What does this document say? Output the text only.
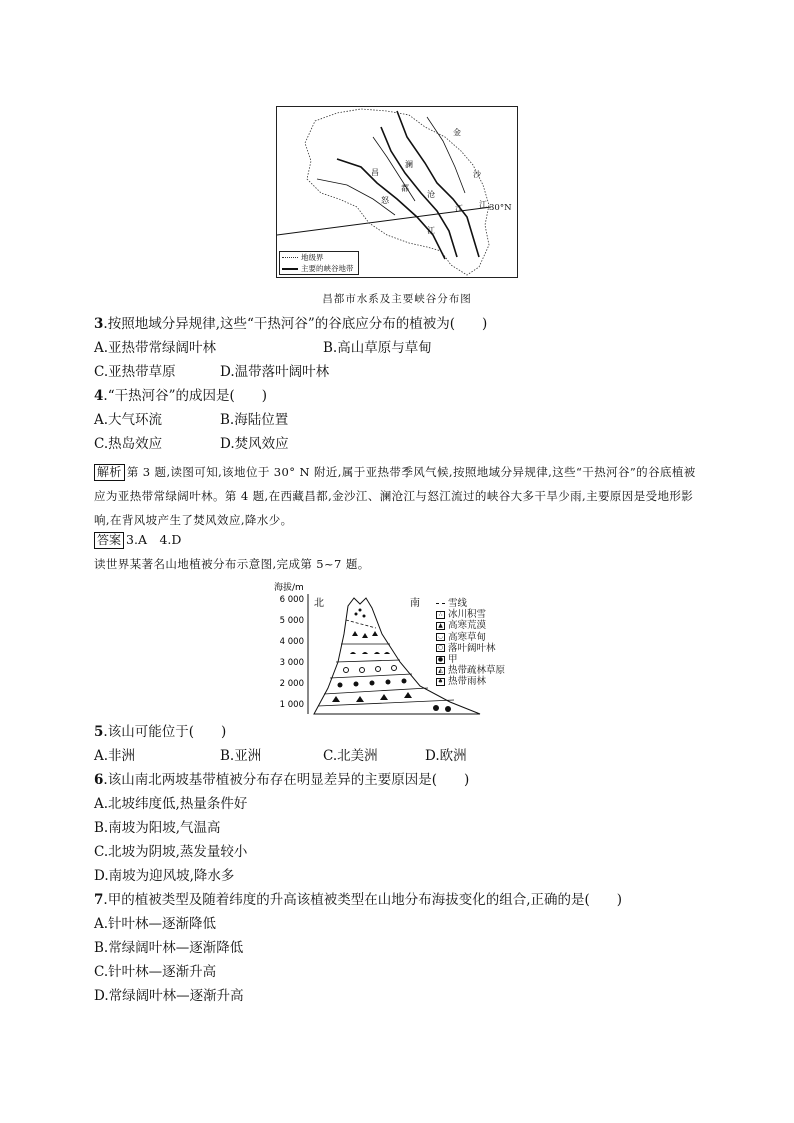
金
沙
江
澜
沧
江
怒
江
昌
都
30°N
地级界
主要的峡谷地带
昌都市水系及主要峡谷分布图
3.按照地域分异规律,这些“干热河谷”的谷底应分布的植被为(　　)
A.亚热带常绿阔叶林	B.高山草原与草甸
C.亚热带草原	D.温带落叶阔叶林
4.“干热河谷”的成因是(　　)
A.大气环流	B.海陆位置
C.热岛效应	D.焚风效应
解析 第 3 题,读图可知,该地位于 30° N 附近,属于亚热带季风气候,按照地域分异规律,这些“干热河谷”的谷底植被应为亚热带常绿阔叶林。第 4 题,在西藏昌都,金沙江、澜沧江与怒江流过的峡谷大多干旱少雨,主要原因是受地形影响,在背风坡产生了焚风效应,降水少。
答案 3.A　4.D
读世界某著名山地植被分布示意图,完成第 5~7 题。
海拔/m
6 000
5 000
4 000
3 000
2 000
1 000
北	南	雪线
∴ 冰川积雪
▲ 高寒荒漠
◡ 高寒草甸
○ 落叶阔叶林
● 甲
◭ 热带疏林草原
♠ 热带雨林
5.该山可能位于(　　)
A.非洲	B.亚洲	C.北美洲	D.欧洲
6.该山南北两坡基带植被分布存在明显差异的主要原因是(　　)
A.北坡纬度低,热量条件好
B.南坡为阳坡,气温高
C.北坡为阴坡,蒸发量较小
D.南坡为迎风坡,降水多
7.甲的植被类型及随着纬度的升高该植被类型在山地分布海拔变化的组合,正确的是(　　)
A.针叶林—逐渐降低
B.常绿阔叶林—逐渐降低
C.针叶林—逐渐升高
D.常绿阔叶林—逐渐升高
